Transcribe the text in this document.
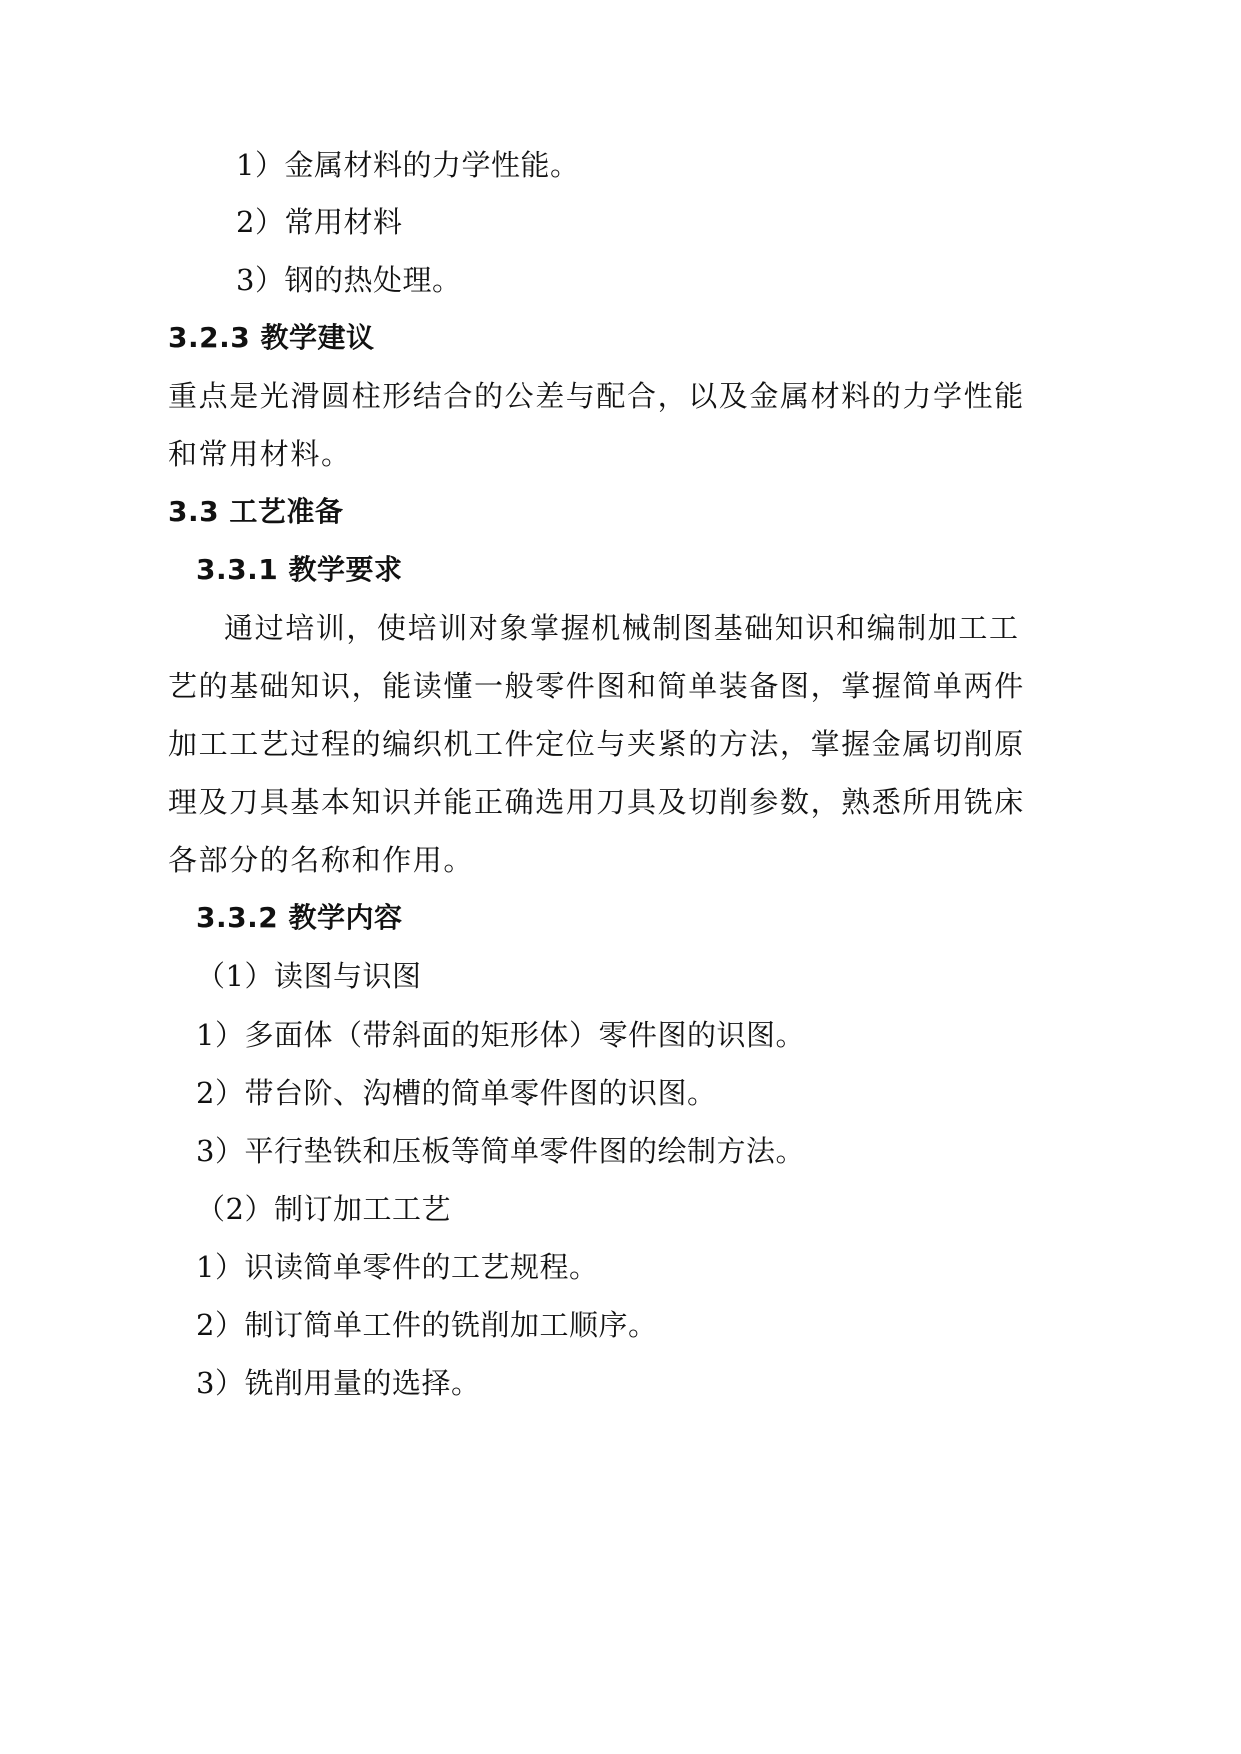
1）金属材料的力学性能。
2）常用材料
3）钢的热处理。
3.2.3 教学建议
重点是光滑圆柱形结合的公差与配合，以及金属材料的力学性能
和常用材料。
3.3 工艺准备
3.3.1 教学要求
通过培训，使培训对象掌握机械制图基础知识和编制加工工
艺的基础知识，能读懂一般零件图和简单装备图，掌握简单两件
加工工艺过程的编织机工件定位与夹紧的方法，掌握金属切削原
理及刀具基本知识并能正确选用刀具及切削参数，熟悉所用铣床
各部分的名称和作用。
3.3.2 教学内容
（1）读图与识图
1）多面体（带斜面的矩形体）零件图的识图。
2）带台阶、沟槽的简单零件图的识图。
3）平行垫铁和压板等简单零件图的绘制方法。
（2）制订加工工艺
1）识读简单零件的工艺规程。
2）制订简单工件的铣削加工顺序。
3）铣削用量的选择。
